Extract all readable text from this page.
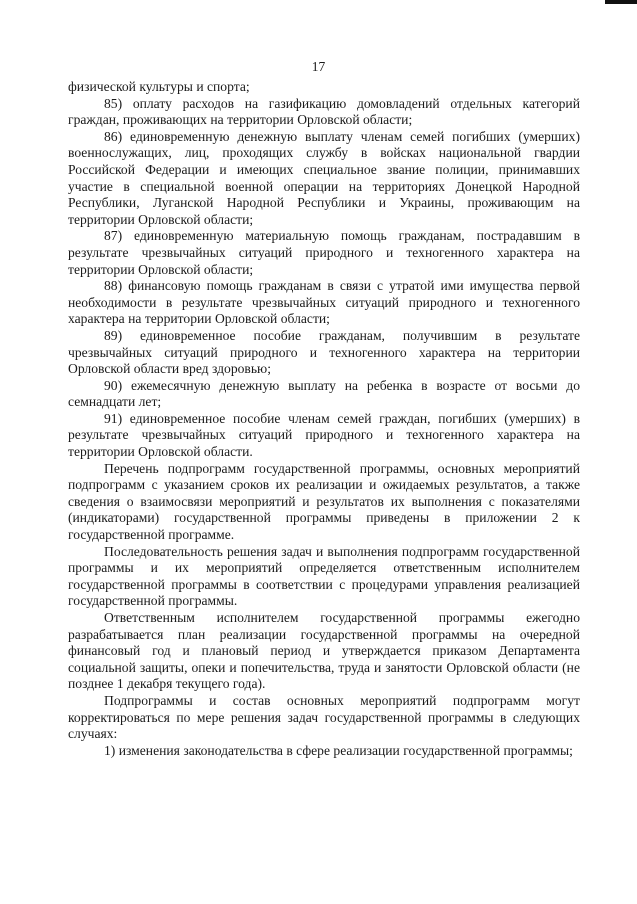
17

физической культуры и спорта;

85) оплату расходов на газификацию домовладений отдельных категорий граждан, проживающих на территории Орловской области;

86) единовременную денежную выплату членам семей погибших (умерших) военнослужащих, лиц, проходящих службу в войсках национальной гвардии Российской Федерации и имеющих специальное звание полиции, принимавших участие в специальной военной операции на территориях Донецкой Народной Республики, Луганской Народной Республики и Украины, проживающим на территории Орловской области;

87) единовременную материальную помощь гражданам, пострадавшим в результате чрезвычайных ситуаций природного и техногенного характера на территории Орловской области;

88) финансовую помощь гражданам в связи с утратой ими имущества первой необходимости в результате чрезвычайных ситуаций природного и техногенного характера на территории Орловской области;

89) единовременное пособие гражданам, получившим в результате чрезвычайных ситуаций природного и техногенного характера на территории Орловской области вред здоровью;

90) ежемесячную денежную выплату на ребенка в возрасте от восьми до семнадцати лет;

91) единовременное пособие членам семей граждан, погибших (умерших) в результате чрезвычайных ситуаций природного и техногенного характера на территории Орловской области.

Перечень подпрограмм государственной программы, основных мероприятий подпрограмм с указанием сроков их реализации и ожидаемых результатов, а также сведения о взаимосвязи мероприятий и результатов их выполнения с показателями (индикаторами) государственной программы приведены в приложении 2 к государственной программе.

Последовательность решения задач и выполнения подпрограмм государственной программы и их мероприятий определяется ответственным исполнителем государственной программы в соответствии с процедурами управления реализацией государственной программы.

Ответственным исполнителем государственной программы ежегодно разрабатывается план реализации государственной программы на очередной финансовый год и плановый период и утверждается приказом Департамента социальной защиты, опеки и попечительства, труда и занятости Орловской области (не позднее 1 декабря текущего года).

Подпрограммы и состав основных мероприятий подпрограмм могут корректироваться по мере решения задач государственной программы в следующих случаях:

1) изменения законодательства в сфере реализации государственной программы;
